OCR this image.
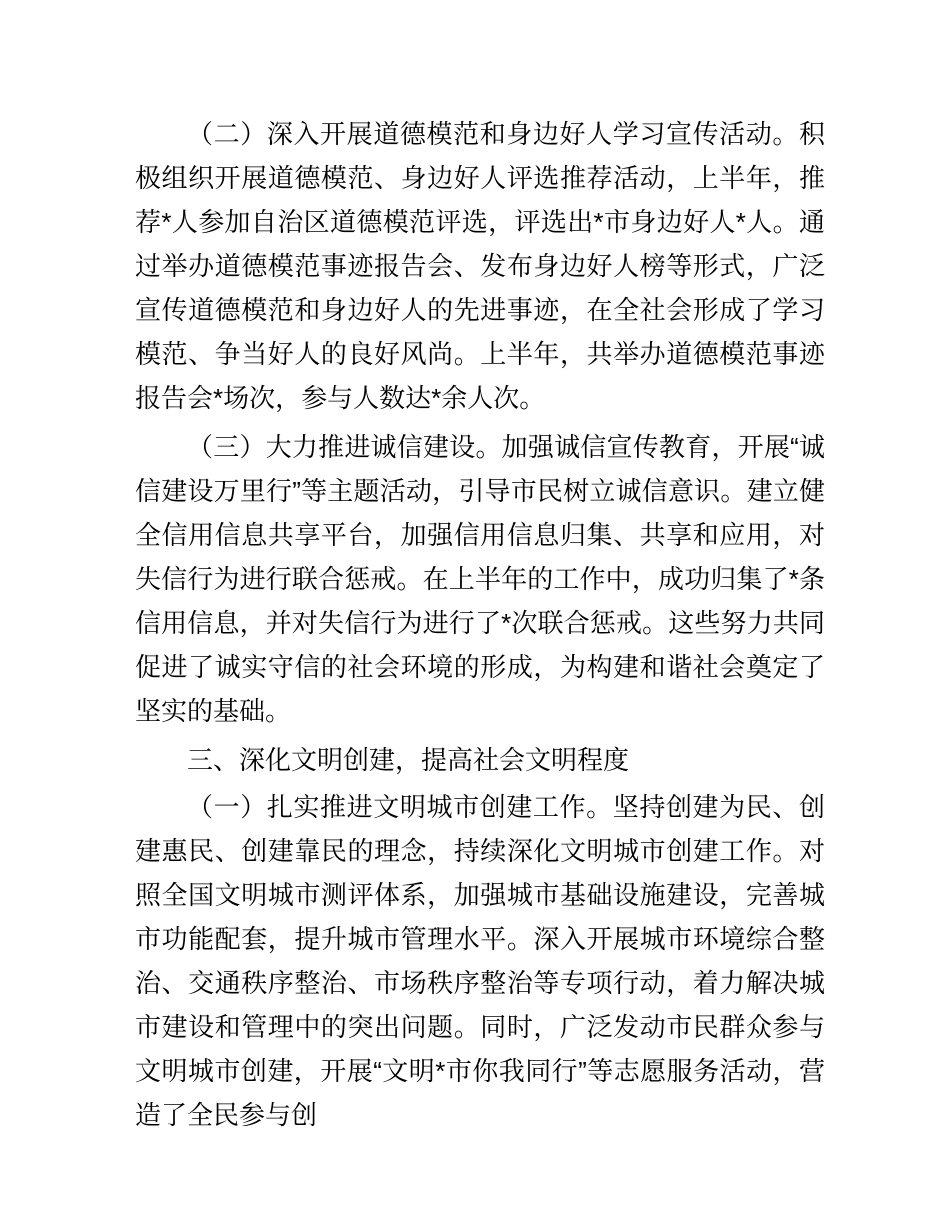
（二）深入开展道德模范和身边好人学习宣传活动。积极组织开展道德模范、身边好人评选推荐活动，上半年，推荐*人参加自治区道德模范评选，评选出*市身边好人*人。通过举办道德模范事迹报告会、发布身边好人榜等形式，广泛宣传道德模范和身边好人的先进事迹，在全社会形成了学习模范、争当好人的良好风尚。上半年，共举办道德模范事迹报告会*场次，参与人数达*余人次。

（三）大力推进诚信建设。加强诚信宣传教育，开展“诚信建设万里行”等主题活动，引导市民树立诚信意识。建立健全信用信息共享平台，加强信用信息归集、共享和应用，对失信行为进行联合惩戒。在上半年的工作中，成功归集了*条信用信息，并对失信行为进行了*次联合惩戒。这些努力共同促进了诚实守信的社会环境的形成，为构建和谐社会奠定了坚实的基础。

三、深化文明创建，提高社会文明程度

（一）扎实推进文明城市创建工作。坚持创建为民、创建惠民、创建靠民的理念，持续深化文明城市创建工作。对照全国文明城市测评体系，加强城市基础设施建设，完善城市功能配套，提升城市管理水平。深入开展城市环境综合整治、交通秩序整治、市场秩序整治等专项行动，着力解决城市建设和管理中的突出问题。同时，广泛发动市民群众参与文明城市创建，开展“文明*市你我同行”等志愿服务活动，营造了全民参与创
